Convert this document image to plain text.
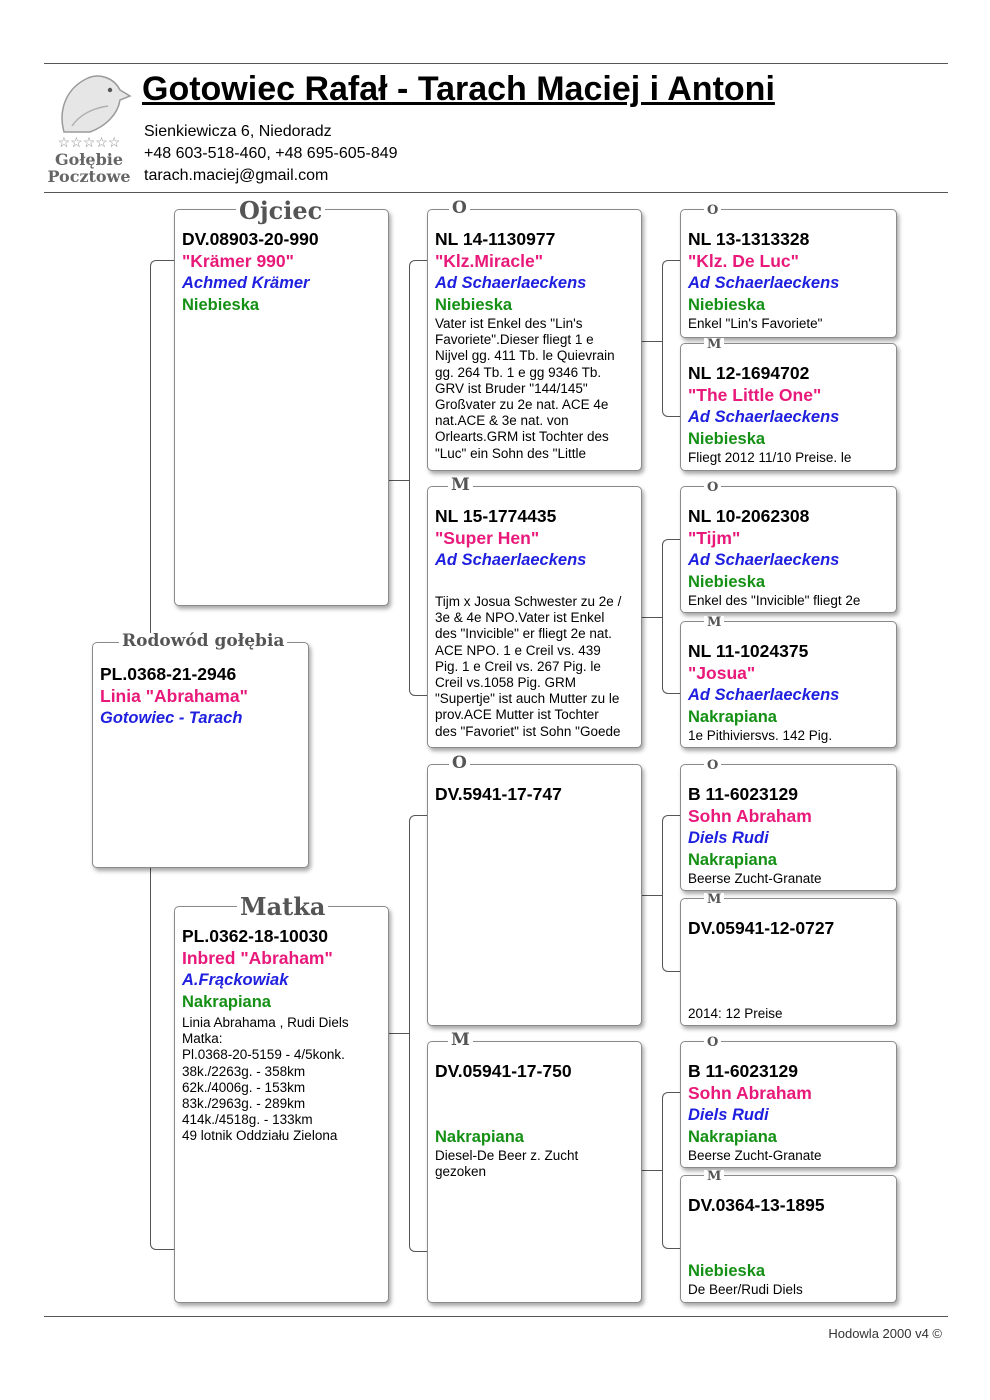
☆☆☆☆☆
Gołębie
Pocztowe
Gotowiec Rafał - Tarach Maciej i Antoni
Sienkiewicza 6, Niedoradz
+48 603-518-460, +48 695-605-849
tarach.maciej@gmail.com
PL.0368-21-2946
Linia "Abrahama"
Gotowiec - Tarach
Rodowód gołębia
DV.08903-20-990
"Krämer 990"
Achmed Krämer
Niebieska
Ojciec
PL.0362-18-10030
Inbred "Abraham"
A.Frąckowiak
Nakrapiana
Linia Abrahama , Rudi Diels
Matka:
Pl.0368-20-5159 - 4/5konk.
38k./2263g. - 358km
62k./4006g. - 153km
83k./2963g. - 289km
414k./4518g. - 133km
49 lotnik Oddziału Zielona
Matka
NL 14-1130977
"Klz.Miracle"
Ad Schaerlaeckens
Niebieska
Vater ist Enkel des "Lin's
Favoriete".Dieser fliegt 1 e
Nijvel gg. 411 Tb. le Quievrain
gg. 264 Tb. 1 e gg 9346 Tb.
GRV ist Bruder "144/145"
Großvater zu 2e nat. ACE 4e
nat.ACE & 3e nat. von
Orlearts.GRM ist Tochter des
"Luc" ein Sohn des "Little
O
NL 15-1774435
"Super Hen"
Ad Schaerlaeckens
Tijm x Josua Schwester zu 2e /
3e & 4e NPO.Vater ist Enkel
des "Invicible" er fliegt 2e nat.
ACE NPO. 1 e Creil vs. 439
Pig. 1 e Creil vs. 267 Pig. le
Creil vs.1058 Pig. GRM
"Supertje" ist auch Mutter zu le
prov.ACE Mutter ist Tochter
des "Favoriet" ist Sohn "Goede
M
DV.5941-17-747
O
DV.05941-17-750
Nakrapiana
Diesel-De Beer z. Zucht
gezoken
M
NL 13-1313328
"Klz. De Luc"
Ad Schaerlaeckens
Niebieska
Enkel "Lin's Favoriete"
O
NL 12-1694702
"The Little One"
Ad Schaerlaeckens
Niebieska
Fliegt 2012 11/10 Preise. le
M
NL 10-2062308
"Tijm"
Ad Schaerlaeckens
Niebieska
Enkel des "Invicible" fliegt 2e
O
NL 11-1024375
"Josua"
Ad Schaerlaeckens
Nakrapiana
1e Pithiviersvs. 142 Pig.
M
B 11-6023129
Sohn Abraham
Diels Rudi
Nakrapiana
Beerse Zucht-Granate
O
DV.05941-12-0727
2014: 12 Preise
M
B 11-6023129
Sohn Abraham
Diels Rudi
Nakrapiana
Beerse Zucht-Granate
O
DV.0364-13-1895
Niebieska
De Beer/Rudi Diels
M
Hodowla 2000 v4 ©
